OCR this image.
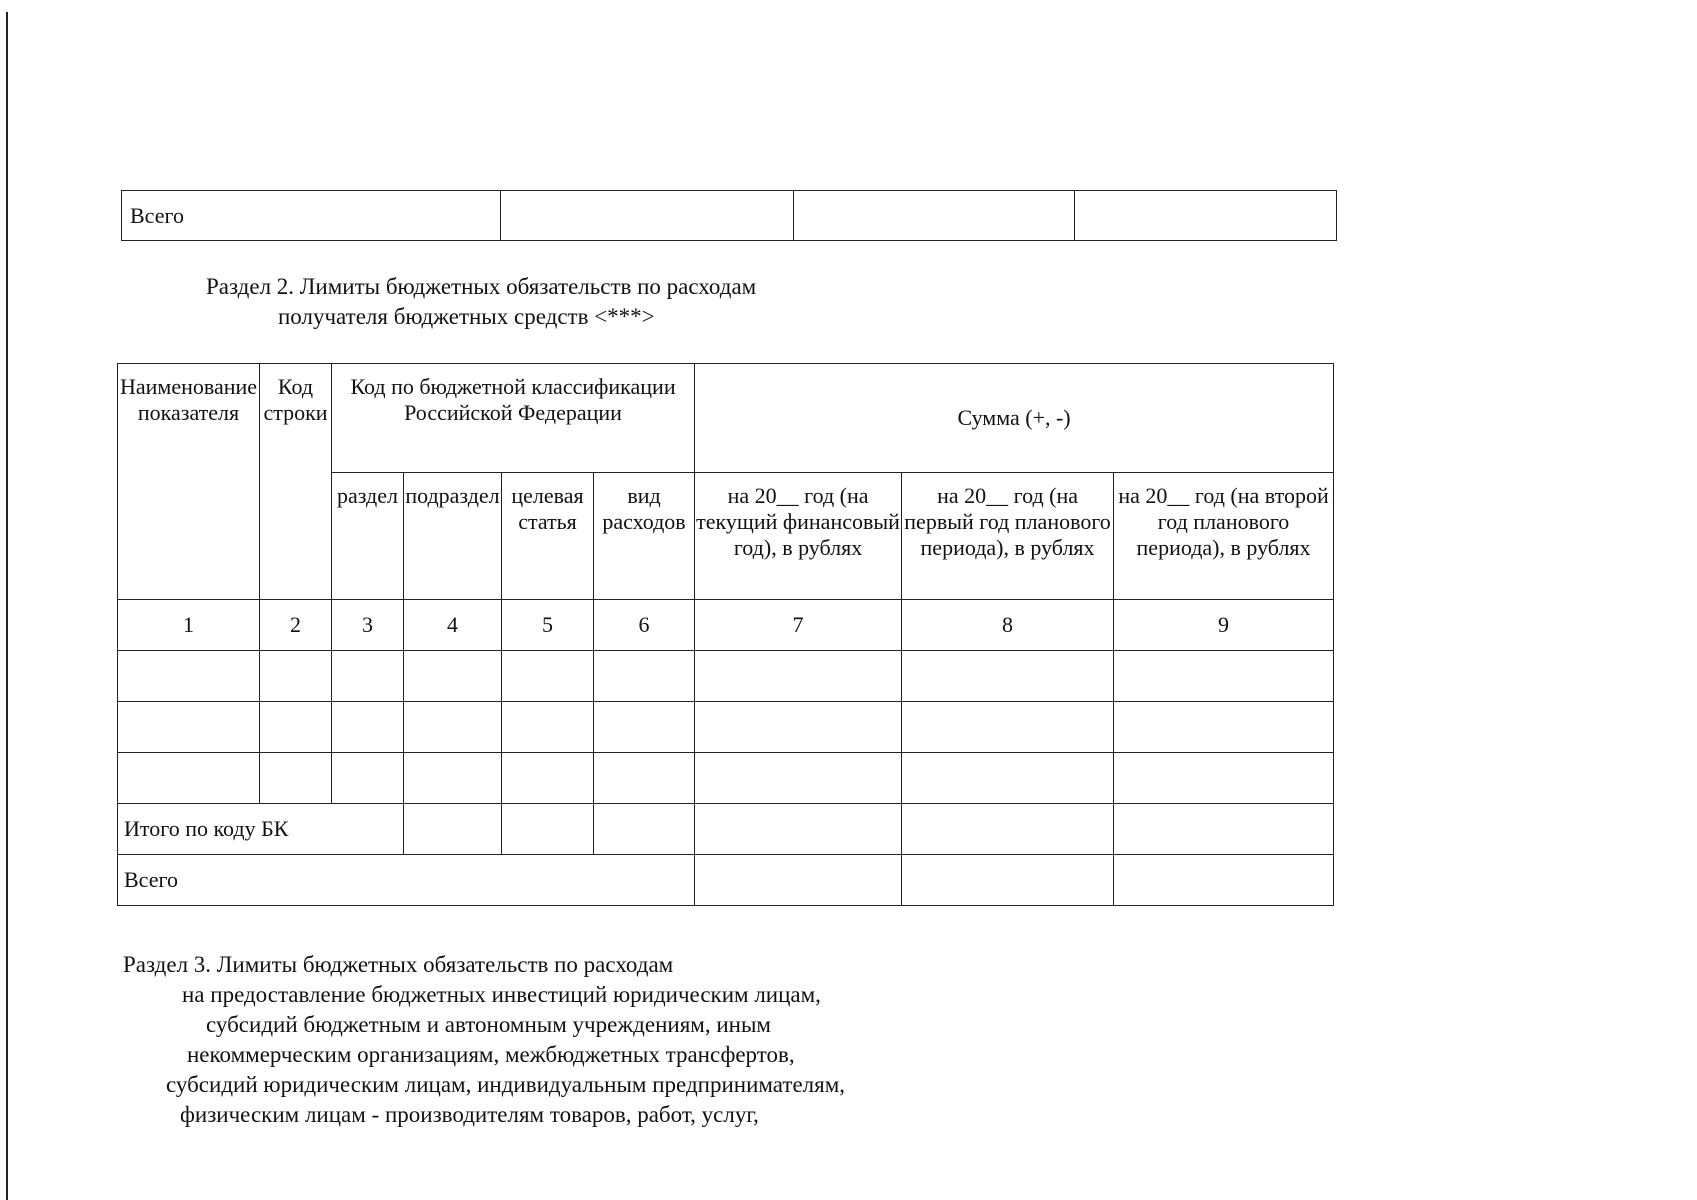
Всего			
Раздел 2. Лимиты бюджетных обязательств по расходам
получателя бюджетных средств <***>
Наименование показателя	Код строки	Код по бюджетной классификации Российской Федерации				Сумма (+, -)		
		раздел	подраздел	целевая статья	вид расходов	на 20__ год (на текущий финансовый год), в рублях	на 20__ год (на первый год планового периода), в рублях	на 20__ год (на второй год планового периода), в рублях
1	2	3	4	5	6	7	8	9

Итого по коду БК								
Всего								
Раздел 3. Лимиты бюджетных обязательств по расходам
на предоставление бюджетных инвестиций юридическим лицам,
субсидий бюджетным и автономным учреждениям, иным
некоммерческим организациям, межбюджетных трансфертов,
субсидий юридическим лицам, индивидуальным предпринимателям,
физическим лицам - производителям товаров, работ, услуг,
